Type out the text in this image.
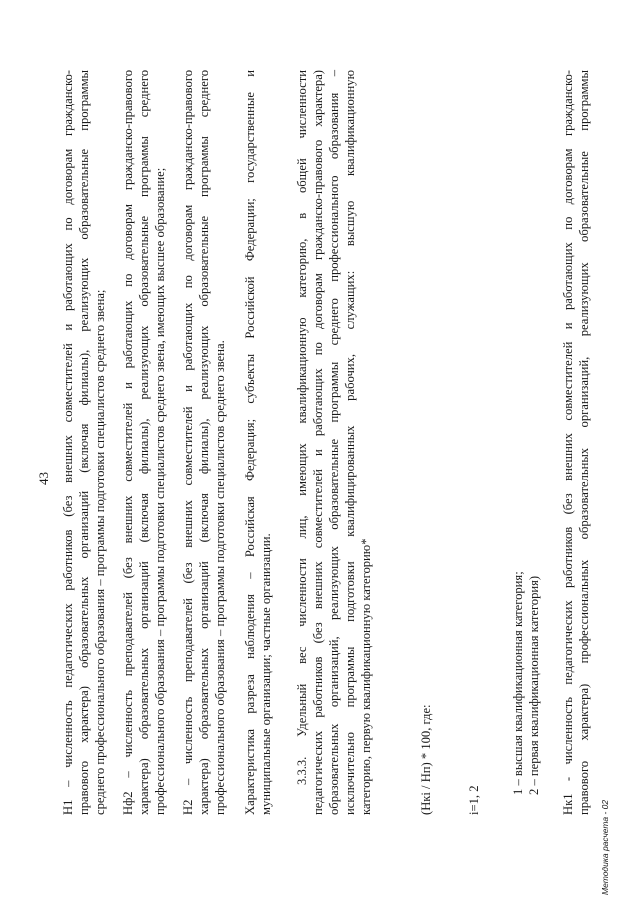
43 Н1 – численность педагогических работников (без внешних совместителей и работающих по договорам гражданско- правового характера) образовательных организаций (включая филиалы), реализующих образовательные программы среднего профессионального образования – программы подготовки специалистов среднего звена; Нф2 – численность преподавателей (без внешних совместителей и работающих по договорам гражданско-правового характера) образовательных организаций (включая филиалы), реализующих образовательные программы среднего профессионального образования – программы подготовки специалистов среднего звена, имеющих высшее образование; Н2 – численность преподавателей (без внешних совместителей и работающих по договорам гражданско-правового характера) образовательных организаций (включая филиалы), реализующих образовательные программы среднего профессионального образования – программы подготовки специалистов среднего звена. Характеристика разреза наблюдения – Российская Федерация; субъекты Российской Федерации; государственные и муниципальные организации; частные организации. 3.3.3. Удельный вес численности лиц, имеющих квалификационную категорию, в общей численности педагогических работников (без внешних совместителей и работающих по договорам гражданско-правового характера) образовательных организаций, реализующих образовательные программы среднего профессионального образования – исключительно программы подготовки квалифицированных рабочих, служащих: высшую квалификационную категорию, первую квалификационную категорию*	(Нкi / Нп) * 100, где:	i=1, 2
1 – высшая квалификационная категория; 2 – первая квалификационная категория) Нк1 - численность педагогических работников (без внешних совместителей и работающих по договорам гражданско- правового характера) профессиональных образовательных организаций, реализующих образовательные программы
Методика расчета - 02
